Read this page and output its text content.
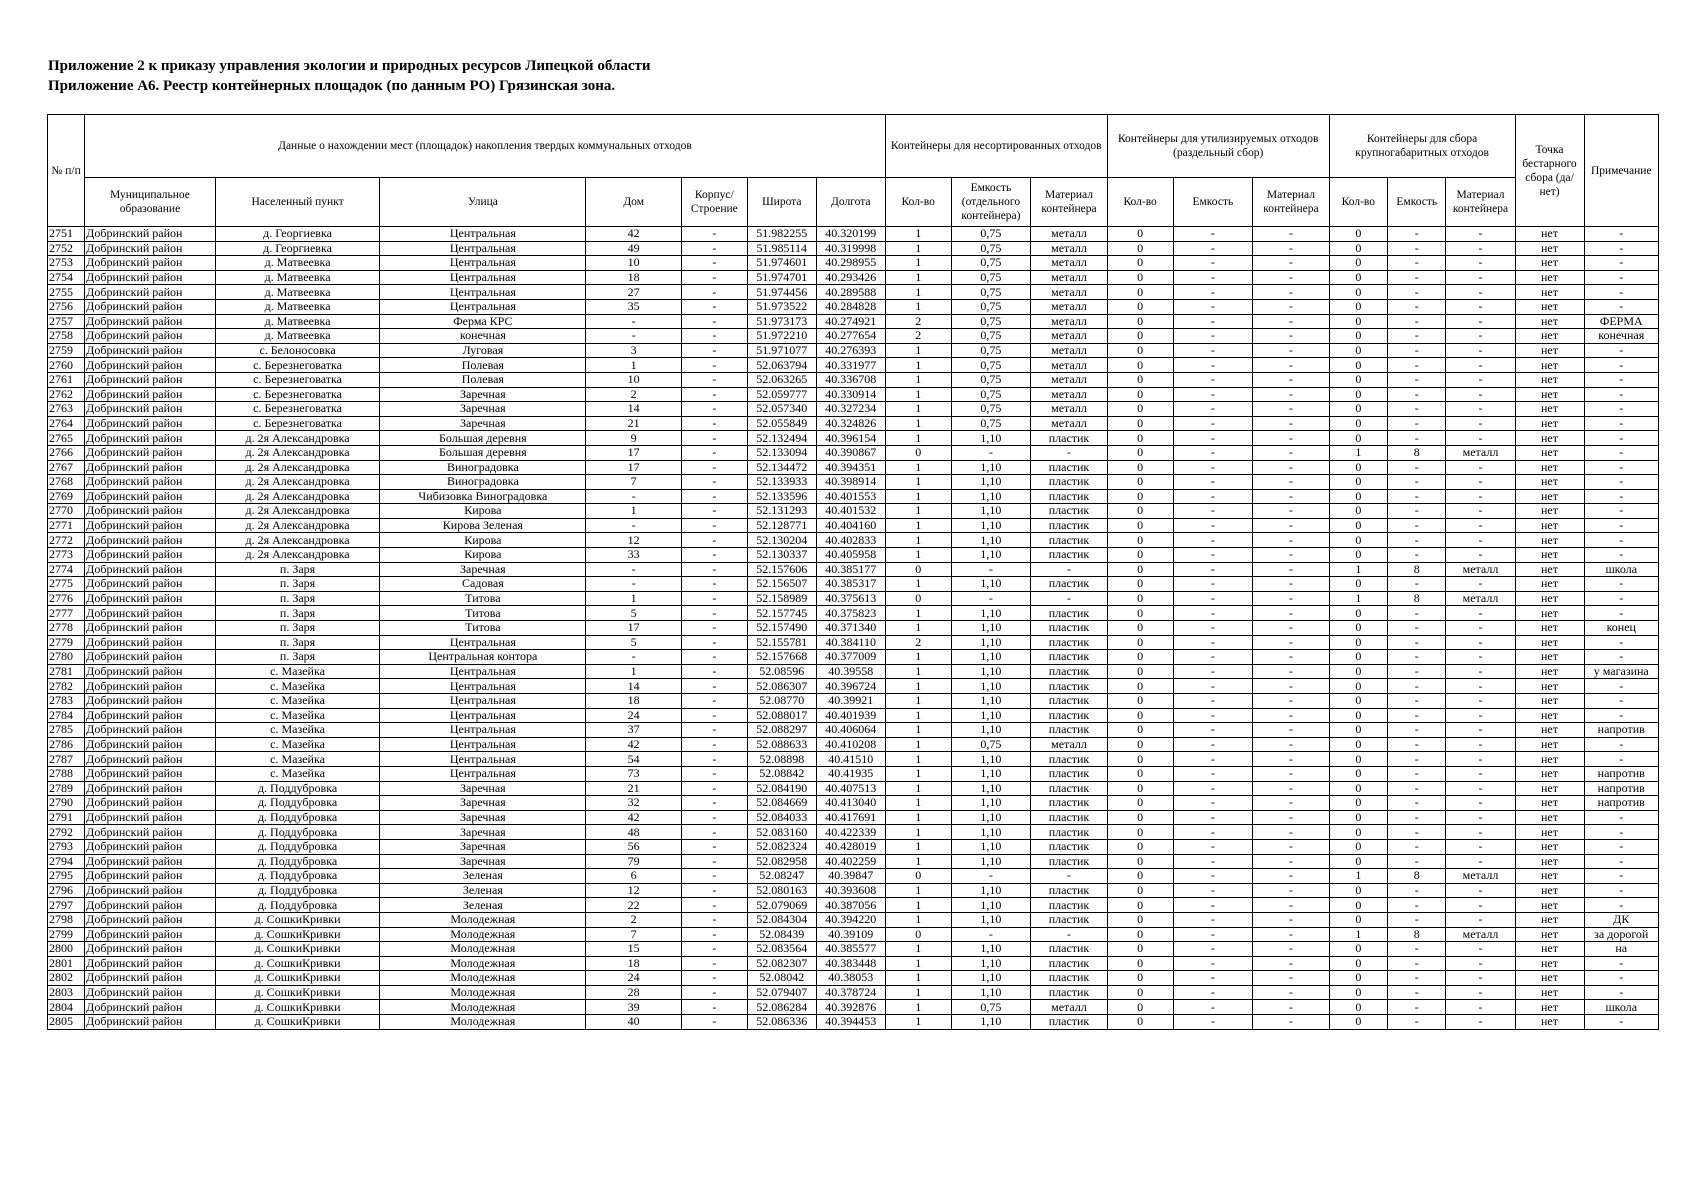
Приложение 2 к приказу управления экологии и природных ресурсов Липецкой области
Приложение А6. Реестр контейнерных площадок (по данным РО) Грязинская зона.
№ п/п	Данные о нахождении мест (площадок) накопления твердых коммунальных отходов							Контейнеры для несортированных отходов			Контейнеры для утилизируемых отходов (раздельный сбор)			Контейнеры для сбора крупногабаритных отходов			Точка бестарного сбора (да/нет)	Примечание
	Муниципальное образование	Населенный пункт	Улица	Дом	Корпус/ Строение	Широта	Долгота	Кол-во	Емкость (отдельного контейнера)	Материал контейнера	Кол-во	Емкость	Материал контейнера	Кол-во	Емкость	Материал контейнера		
2751	Добринский район	д. Георгиевка	Центральная	42	-	51.982255	40.320199	1	0,75	металл	0	-	-	0	-	-	нет	-
2752	Добринский район	д. Георгиевка	Центральная	49	-	51.985114	40.319998	1	0,75	металл	0	-	-	0	-	-	нет	-
2753	Добринский район	д. Матвеевка	Центральная	10	-	51.974601	40.298955	1	0,75	металл	0	-	-	0	-	-	нет	-
2754	Добринский район	д. Матвеевка	Центральная	18	-	51.974701	40.293426	1	0,75	металл	0	-	-	0	-	-	нет	-
2755	Добринский район	д. Матвеевка	Центральная	27	-	51.974456	40.289588	1	0,75	металл	0	-	-	0	-	-	нет	-
2756	Добринский район	д. Матвеевка	Центральная	35	-	51.973522	40.284828	1	0,75	металл	0	-	-	0	-	-	нет	-
2757	Добринский район	д. Матвеевка	Ферма КРС	-	-	51.973173	40.274921	2	0,75	металл	0	-	-	0	-	-	нет	ФЕРМА
2758	Добринский район	д. Матвеевка	конечная	-	-	51.972210	40.277654	2	0,75	металл	0	-	-	0	-	-	нет	конечная
2759	Добринский район	с. Белоносовка	Луговая	3	-	51.971077	40.276393	1	0,75	металл	0	-	-	0	-	-	нет	-
2760	Добринский район	с. Березнеговатка	Полевая	1	-	52.063794	40.331977	1	0,75	металл	0	-	-	0	-	-	нет	-
2761	Добринский район	с. Березнеговатка	Полевая	10	-	52.063265	40.336708	1	0,75	металл	0	-	-	0	-	-	нет	-
2762	Добринский район	с. Березнеговатка	Заречная	2	-	52.059777	40.330914	1	0,75	металл	0	-	-	0	-	-	нет	-
2763	Добринский район	с. Березнеговатка	Заречная	14	-	52.057340	40.327234	1	0,75	металл	0	-	-	0	-	-	нет	-
2764	Добринский район	с. Березнеговатка	Заречная	21	-	52.055849	40.324826	1	0,75	металл	0	-	-	0	-	-	нет	-
2765	Добринский район	д. 2я Александровка	Большая деревня	9	-	52.132494	40.396154	1	1,10	пластик	0	-	-	0	-	-	нет	-
2766	Добринский район	д. 2я Александровка	Большая деревня	17	-	52.133094	40.390867	0	-	-	0	-	-	1	8	металл	нет	-
2767	Добринский район	д. 2я Александровка	Виноградовка	17	-	52.134472	40.394351	1	1,10	пластик	0	-	-	0	-	-	нет	-
2768	Добринский район	д. 2я Александровка	Виноградовка	7	-	52.133933	40.398914	1	1,10	пластик	0	-	-	0	-	-	нет	-
2769	Добринский район	д. 2я Александровка	Чибизовка Виноградовка	-	-	52.133596	40.401553	1	1,10	пластик	0	-	-	0	-	-	нет	-
2770	Добринский район	д. 2я Александровка	Кирова	1	-	52.131293	40.401532	1	1,10	пластик	0	-	-	0	-	-	нет	-
2771	Добринский район	д. 2я Александровка	Кирова Зеленая	-	-	52.128771	40.404160	1	1,10	пластик	0	-	-	0	-	-	нет	-
2772	Добринский район	д. 2я Александровка	Кирова	12	-	52.130204	40.402833	1	1,10	пластик	0	-	-	0	-	-	нет	-
2773	Добринский район	д. 2я Александровка	Кирова	33	-	52.130337	40.405958	1	1,10	пластик	0	-	-	0	-	-	нет	-
2774	Добринский район	п. Заря	Заречная	-	-	52.157606	40.385177	0	-	-	0	-	-	1	8	металл	нет	школа
2775	Добринский район	п. Заря	Садовая	-	-	52.156507	40.385317	1	1,10	пластик	0	-	-	0	-	-	нет	-
2776	Добринский район	п. Заря	Титова	1	-	52.158989	40.375613	0	-	-	0	-	-	1	8	металл	нет	-
2777	Добринский район	п. Заря	Титова	5	-	52.157745	40.375823	1	1,10	пластик	0	-	-	0	-	-	нет	-
2778	Добринский район	п. Заря	Титова	17	-	52.157490	40.371340	1	1,10	пластик	0	-	-	0	-	-	нет	конец
2779	Добринский район	п. Заря	Центральная	5	-	52.155781	40.384110	2	1,10	пластик	0	-	-	0	-	-	нет	-
2780	Добринский район	п. Заря	Центральная контора	-	-	52.157668	40.377009	1	1,10	пластик	0	-	-	0	-	-	нет	-
2781	Добринский район	с. Мазейка	Центральная	1	-	52.08596	40.39558	1	1,10	пластик	0	-	-	0	-	-	нет	у магазина
2782	Добринский район	с. Мазейка	Центральная	14	-	52.086307	40.396724	1	1,10	пластик	0	-	-	0	-	-	нет	-
2783	Добринский район	с. Мазейка	Центральная	18	-	52.08770	40.39921	1	1,10	пластик	0	-	-	0	-	-	нет	-
2784	Добринский район	с. Мазейка	Центральная	24	-	52.088017	40.401939	1	1,10	пластик	0	-	-	0	-	-	нет	-
2785	Добринский район	с. Мазейка	Центральная	37	-	52.088297	40.406064	1	1,10	пластик	0	-	-	0	-	-	нет	напротив
2786	Добринский район	с. Мазейка	Центральная	42	-	52.088633	40.410208	1	0,75	металл	0	-	-	0	-	-	нет	-
2787	Добринский район	с. Мазейка	Центральная	54	-	52.08898	40.41510	1	1,10	пластик	0	-	-	0	-	-	нет	-
2788	Добринский район	с. Мазейка	Центральная	73	-	52.08842	40.41935	1	1,10	пластик	0	-	-	0	-	-	нет	напротив
2789	Добринский район	д. Поддубровка	Заречная	21	-	52.084190	40.407513	1	1,10	пластик	0	-	-	0	-	-	нет	напротив
2790	Добринский район	д. Поддубровка	Заречная	32	-	52.084669	40.413040	1	1,10	пластик	0	-	-	0	-	-	нет	напротив
2791	Добринский район	д. Поддубровка	Заречная	42	-	52.084033	40.417691	1	1,10	пластик	0	-	-	0	-	-	нет	-
2792	Добринский район	д. Поддубровка	Заречная	48	-	52.083160	40.422339	1	1,10	пластик	0	-	-	0	-	-	нет	-
2793	Добринский район	д. Поддубровка	Заречная	56	-	52.082324	40.428019	1	1,10	пластик	0	-	-	0	-	-	нет	-
2794	Добринский район	д. Поддубровка	Заречная	79	-	52.082958	40.402259	1	1,10	пластик	0	-	-	0	-	-	нет	-
2795	Добринский район	д. Поддубровка	Зеленая	6	-	52.08247	40.39847	0	-	-	0	-	-	1	8	металл	нет	-
2796	Добринский район	д. Поддубровка	Зеленая	12	-	52.080163	40.393608	1	1,10	пластик	0	-	-	0	-	-	нет	-
2797	Добринский район	д. Поддубровка	Зеленая	22	-	52.079069	40.387056	1	1,10	пластик	0	-	-	0	-	-	нет	-
2798	Добринский район	д. СошкиКривки	Молодежная	2	-	52.084304	40.394220	1	1,10	пластик	0	-	-	0	-	-	нет	ДК
2799	Добринский район	д. СошкиКривки	Молодежная	7	-	52.08439	40.39109	0	-	-	0	-	-	1	8	металл	нет	за дорогой
2800	Добринский район	д. СошкиКривки	Молодежная	15	-	52.083564	40.385577	1	1,10	пластик	0	-	-	0	-	-	нет	на
2801	Добринский район	д. СошкиКривки	Молодежная	18	-	52.082307	40.383448	1	1,10	пластик	0	-	-	0	-	-	нет	-
2802	Добринский район	д. СошкиКривки	Молодежная	24	-	52.08042	40.38053	1	1,10	пластик	0	-	-	0	-	-	нет	-
2803	Добринский район	д. СошкиКривки	Молодежная	28	-	52.079407	40.378724	1	1,10	пластик	0	-	-	0	-	-	нет	-
2804	Добринский район	д. СошкиКривки	Молодежная	39	-	52.086284	40.392876	1	0,75	металл	0	-	-	0	-	-	нет	школа
2805	Добринский район	д. СошкиКривки	Молодежная	40	-	52.086336	40.394453	1	1,10	пластик	0	-	-	0	-	-	нет	-
